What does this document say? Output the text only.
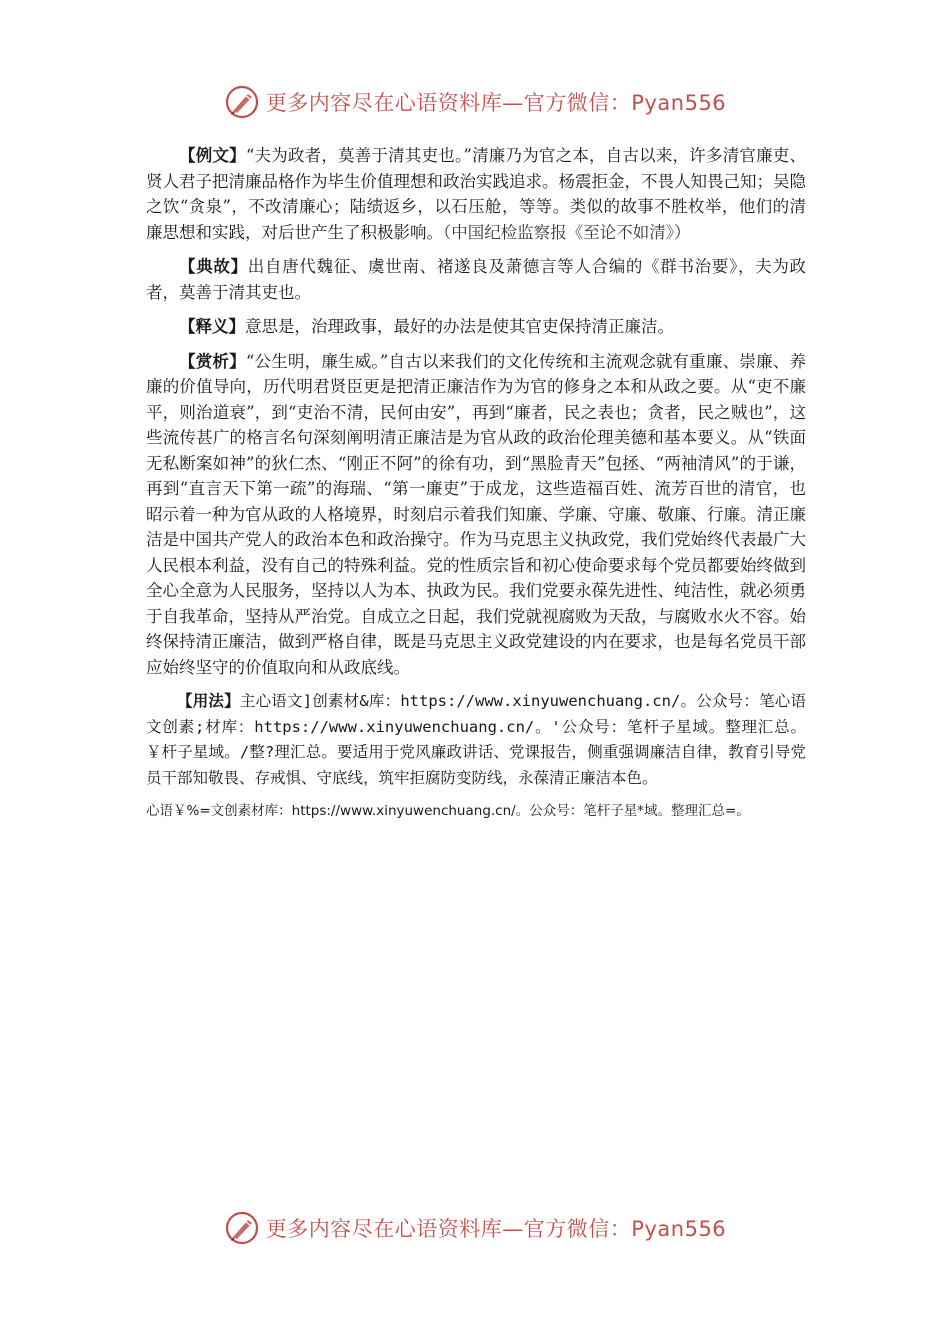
更多内容尽在心语资料库—官方微信：Pyan556

【例文】“夫为政者，莫善于清其吏也。”清廉乃为官之本，自古以来，许多清官廉吏、贤人君子把清廉品格作为毕生价值理想和政治实践追求。杨震拒金，不畏人知畏己知；吴隐之饮“贪泉”，不改清廉心；陆绩返乡，以石压舱，等等。类似的故事不胜枚举，他们的清廉思想和实践，对后世产生了积极影响。（中国纪检监察报《至论不如清》）

【典故】出自唐代魏征、虞世南、褚遂良及萧德言等人合编的《群书治要》，夫为政者，莫善于清其吏也。

【释义】意思是，治理政事，最好的办法是使其官吏保持清正廉洁。

【赏析】“公生明，廉生威。”自古以来我们的文化传统和主流观念就有重廉、崇廉、养廉的价值导向，历代明君贤臣更是把清正廉洁作为为官的修身之本和从政之要。从“吏不廉平，则治道衰”，到“吏治不清，民何由安”，再到“廉者，民之表也；贪者，民之贼也”，这些流传甚广的格言名句深刻阐明清正廉洁是为官从政的政治伦理美德和基本要义。从“铁面无私断案如神”的狄仁杰、“刚正不阿”的徐有功，到“黑脸青天”包拯、“两袖清风”的于谦，再到“直言天下第一疏”的海瑞、“第一廉吏”于成龙，这些造福百姓、流芳百世的清官，也昭示着一种为官从政的人格境界，时刻启示着我们知廉、学廉、守廉、敬廉、行廉。清正廉洁是中国共产党人的政治本色和政治操守。作为马克思主义执政党，我们党始终代表最广大人民根本利益，没有自己的特殊利益。党的性质宗旨和初心使命要求每个党员都要始终做到全心全意为人民服务，坚持以人为本、执政为民。我们党要永葆先进性、纯洁性，就必须勇于自我革命，坚持从严治党。自成立之日起，我们党就视腐败为天敌，与腐败水火不容。始终保持清正廉洁，做到严格自律，既是马克思主义政党建设的内在要求，也是每名党员干部应始终坚守的价值取向和从政底线。

【用法】主心语文]创素材&库：https://www.xinyuwenchuang.cn/。公众号：笔心语文创素;材库：https://www.xinyuwenchuang.cn/。'公众号：笔杆子星域。整理汇总。￥杆子星域。/整?理汇总。要适用于党风廉政讲话、党课报告，侧重强调廉洁自律，教育引导党员干部知敬畏、存戒惧、守底线，筑牢拒腐防变防线，永葆清正廉洁本色。

心语￥%=文创素材库：https://www.xinyuwenchuang.cn/。公众号：笔杆子星*域。整理汇总=。

更多内容尽在心语资料库—官方微信：Pyan556
